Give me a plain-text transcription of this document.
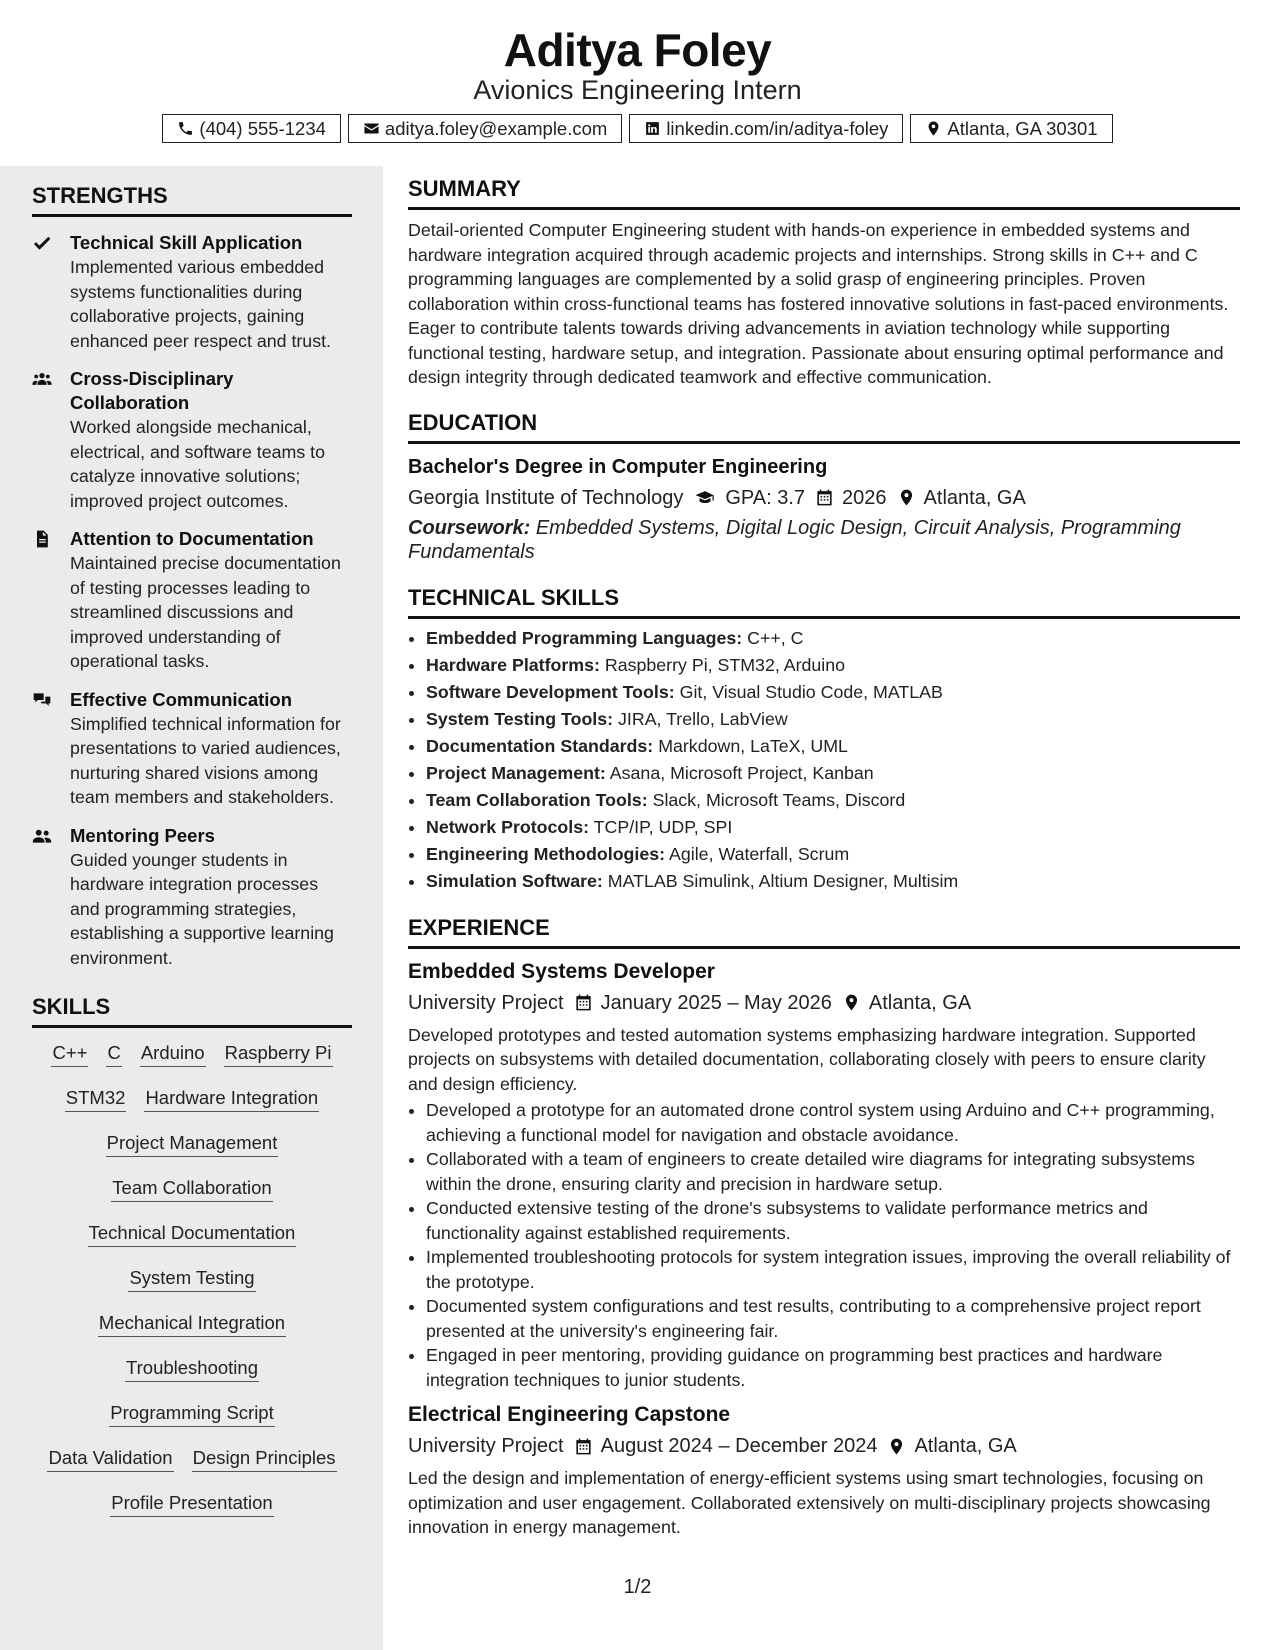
Aditya Foley
Avionics Engineering Intern
(404) 555-1234	aditya.foley@example.com	linkedin.com/in/aditya-foley	Atlanta, GA 30301
STRENGTHS
Technical Skill Application
Implemented various embedded systems functionalities during collaborative projects, gaining enhanced peer respect and trust.
Cross-Disciplinary Collaboration
Worked alongside mechanical, electrical, and software teams to catalyze innovative solutions; improved project outcomes.
Attention to Documentation
Maintained precise documentation of testing processes leading to streamlined discussions and improved understanding of operational tasks.
Effective Communication
Simplified technical information for presentations to varied audiences, nurturing shared visions among team members and stakeholders.
Mentoring Peers
Guided younger students in hardware integration processes and programming strategies, establishing a supportive learning environment.
SKILLS
C++ C Arduino Raspberry Pi
STM32 Hardware Integration
Project Management
Team Collaboration
Technical Documentation
System Testing
Mechanical Integration
Troubleshooting
Programming Script
Data Validation Design Principles
Profile Presentation
SUMMARY

Detail-oriented Computer Engineering student with hands-on experience in embedded systems and hardware integration acquired through academic projects and internships. Strong skills in C++ and C programming languages are complemented by a solid grasp of engineering principles. Proven collaboration within cross-functional teams has fostered innovative solutions in fast-paced environments. Eager to contribute talents towards driving advancements in aviation technology while supporting functional testing, hardware setup, and integration. Passionate about ensuring optimal performance and design integrity through dedicated teamwork and effective communication.

EDUCATION
Bachelor's Degree in Computer Engineering
Georgia Institute of Technology GPA: 3.7 2026 Atlanta, GA
Coursework: Embedded Systems, Digital Logic Design, Circuit Analysis, Programming Fundamentals
TECHNICAL SKILLS
• Embedded Programming Languages: C++, C
• Hardware Platforms: Raspberry Pi, STM32, Arduino
• Software Development Tools: Git, Visual Studio Code, MATLAB
• System Testing Tools: JIRA, Trello, LabView
• Documentation Standards: Markdown, LaTeX, UML
• Project Management: Asana, Microsoft Project, Kanban
• Team Collaboration Tools: Slack, Microsoft Teams, Discord
• Network Protocols: TCP/IP, UDP, SPI
• Engineering Methodologies: Agile, Waterfall, Scrum
• Simulation Software: MATLAB Simulink, Altium Designer, Multisim
EXPERIENCE
Embedded Systems Developer
University Project January 2025 – May 2026 Atlanta, GA

Developed prototypes and tested automation systems emphasizing hardware integration. Supported projects on subsystems with detailed documentation, collaborating closely with peers to ensure clarity and design efficiency.

• Developed a prototype for an automated drone control system using Arduino and C++ programming, achieving a functional model for navigation and obstacle avoidance.
• Collaborated with a team of engineers to create detailed wire diagrams for integrating subsystems within the drone, ensuring clarity and precision in hardware setup.
• Conducted extensive testing of the drone's subsystems to validate performance metrics and functionality against established requirements.
• Implemented troubleshooting protocols for system integration issues, improving the overall reliability of the prototype.
• Documented system configurations and test results, contributing to a comprehensive project report presented at the university's engineering fair.
• Engaged in peer mentoring, providing guidance on programming best practices and hardware integration techniques to junior students.
Electrical Engineering Capstone
University Project August 2024 – December 2024 Atlanta, GA

Led the design and implementation of energy-efficient systems using smart technologies, focusing on optimization and user engagement. Collaborated extensively on multi-disciplinary projects showcasing innovation in energy management.

1/2
